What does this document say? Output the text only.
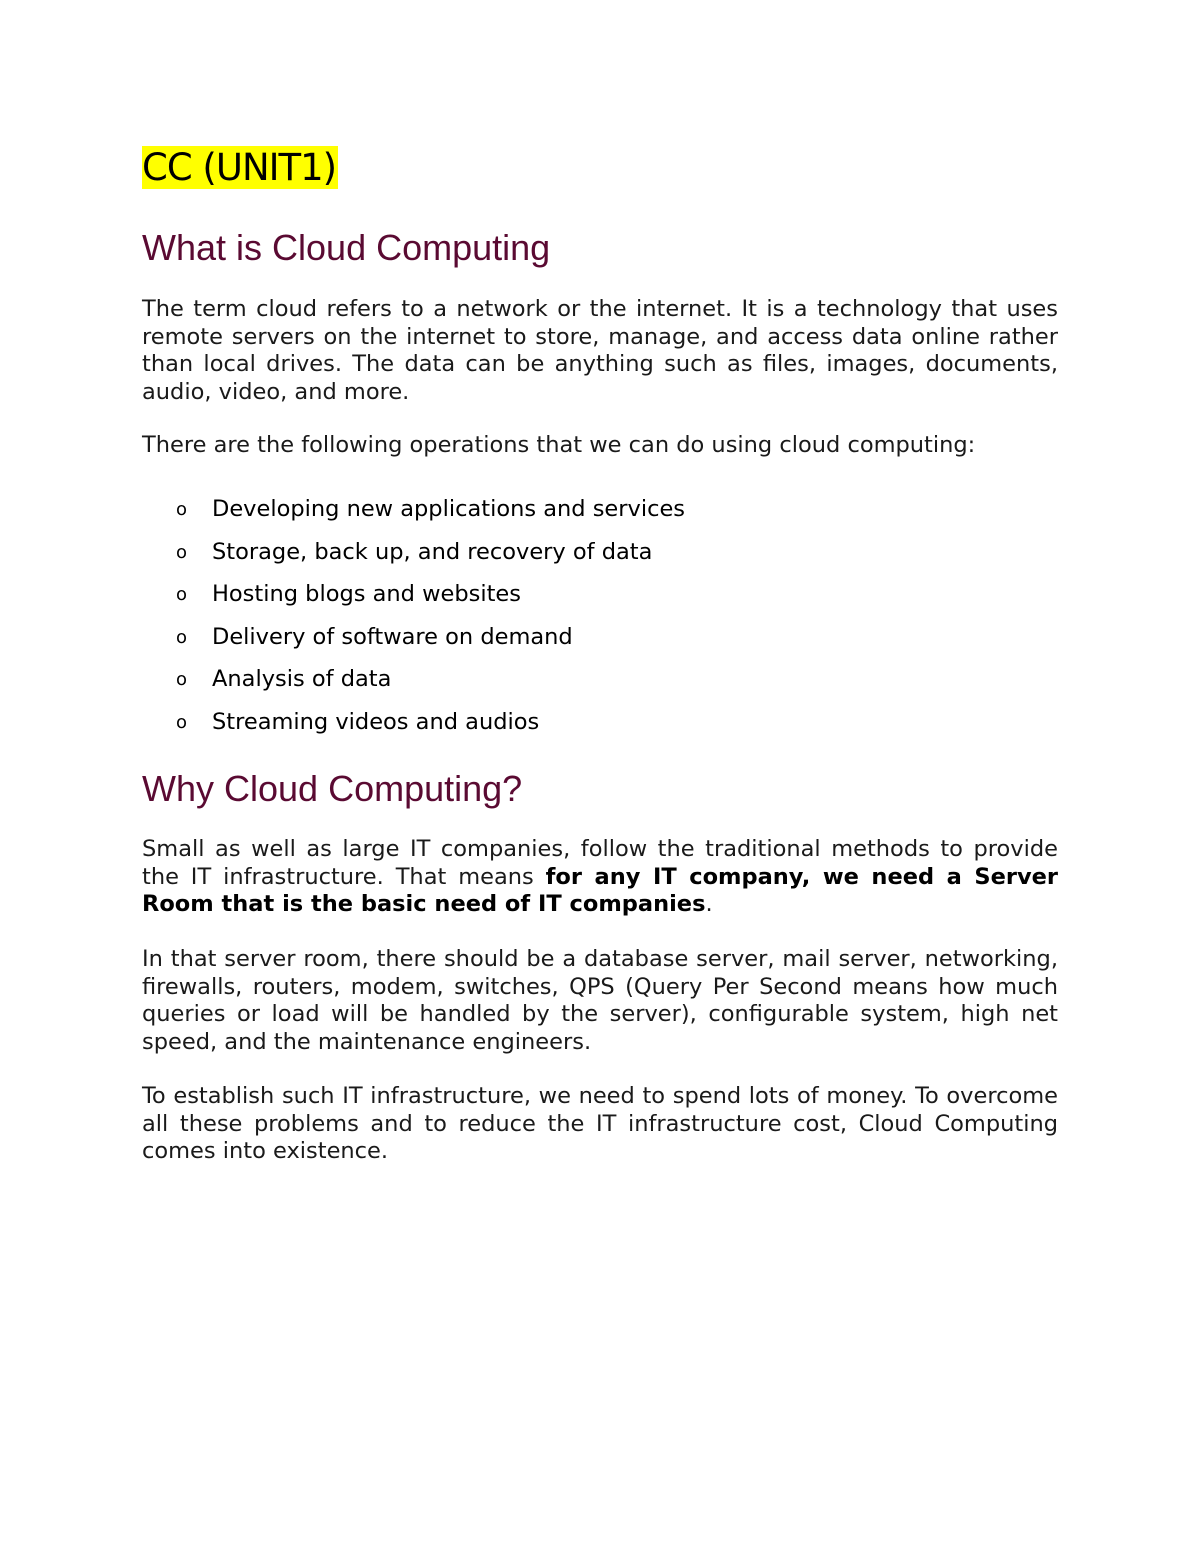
CC (UNIT1)
What is Cloud Computing

The term cloud refers to a network or the internet. It is a technology that uses remote servers on the internet to store, manage, and access data online rather than local drives. The data can be anything such as files, images, documents, audio, video, and more.

There are the following operations that we can do using cloud computing:

o Developing new applications and services
o Storage, back up, and recovery of data
o Hosting blogs and websites
o Delivery of software on demand
o Analysis of data
o Streaming videos and audios
Why Cloud Computing?

Small as well as large IT companies, follow the traditional methods to provide the IT infrastructure. That means for any IT company, we need a Server Room that is the basic need of IT companies.

In that server room, there should be a database server, mail server, networking, firewalls, routers, modem, switches, QPS (Query Per Second means how much queries or load will be handled by the server), configurable system, high net speed, and the maintenance engineers.

To establish such IT infrastructure, we need to spend lots of money. To overcome all these problems and to reduce the IT infrastructure cost, Cloud Computing comes into existence.
